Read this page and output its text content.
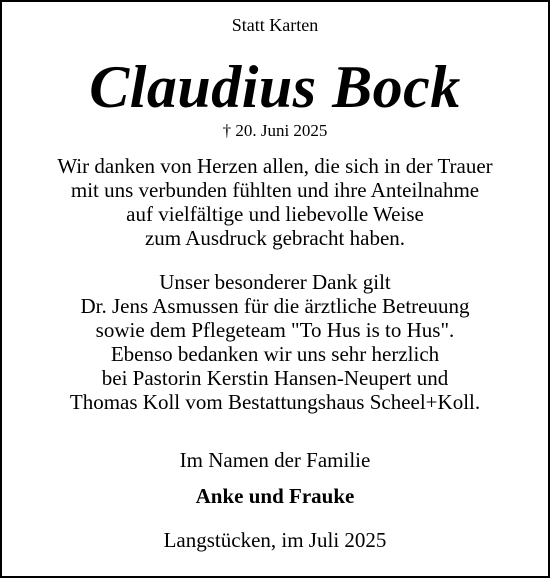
Statt Karten
Claudius Bock
† 20. Juni 2025
Wir danken von Herzen allen, die sich in der Trauer
mit uns verbunden fühlten und ihre Anteilnahme
auf vielfältige und liebevolle Weise
zum Ausdruck gebracht haben.
Unser besonderer Dank gilt
Dr. Jens Asmussen für die ärztliche Betreuung
sowie dem Pflegeteam "To Hus is to Hus".
Ebenso bedanken wir uns sehr herzlich
bei Pastorin Kerstin Hansen-Neupert und
Thomas Koll vom Bestattungshaus Scheel+Koll.
Im Namen der Familie
Anke und Frauke
Langstücken, im Juli 2025
